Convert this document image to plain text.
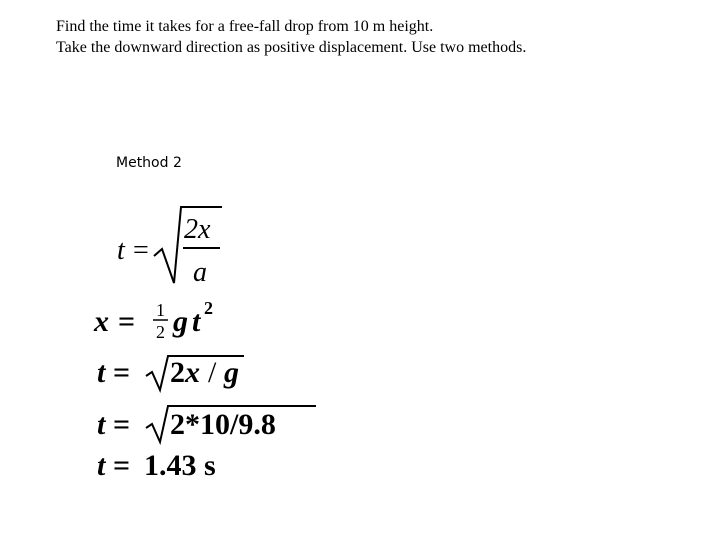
Find the time it takes for a free-fall drop from 10 m height.
Take the downward direction as positive displacement. Use two methods.
Method 2
t =
2x
a
x = 1
2 g t 2
t = 2x / g
t = 2*10/9.8
t = 1.43 s
